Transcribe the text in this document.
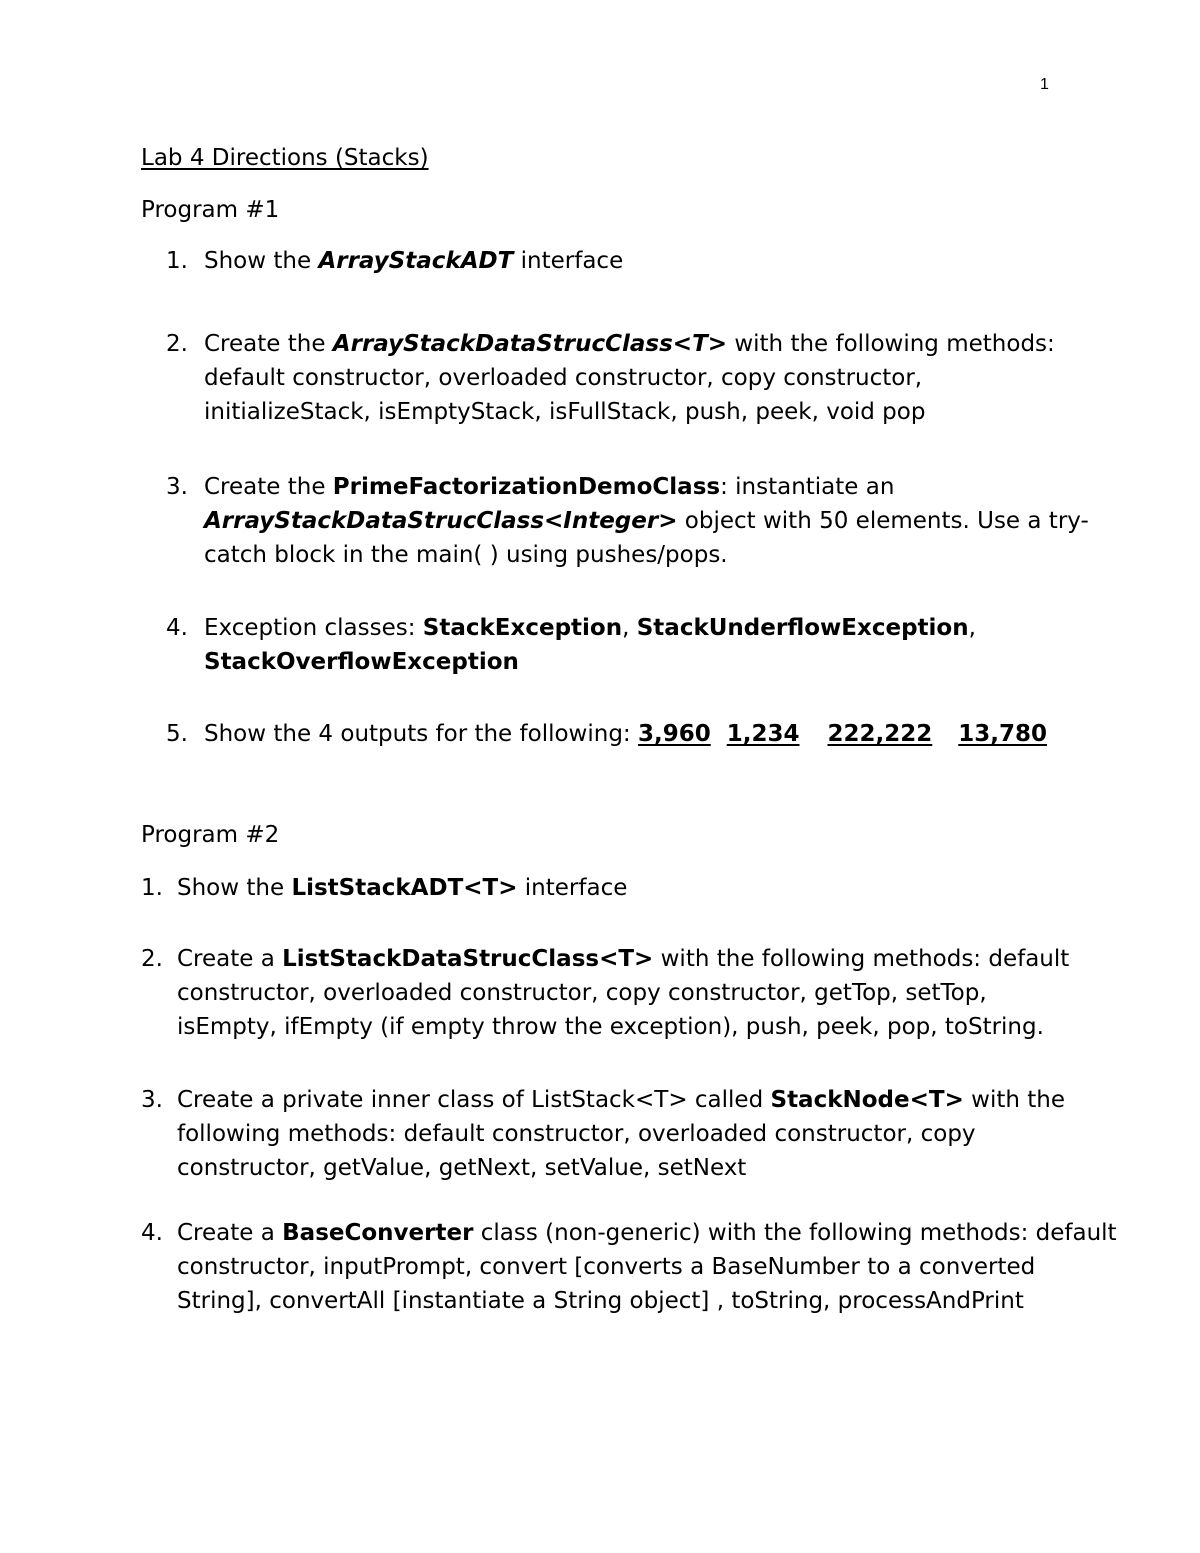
1
Lab 4 Directions (Stacks)
Program #1
1. Show the ArrayStackADT interface
2. Create the ArrayStackDataStrucClass<T> with the following methods:
default constructor, overloaded constructor, copy constructor,
initializeStack, isEmptyStack, isFullStack, push, peek, void pop
3. Create the PrimeFactorizationDemoClass: instantiate an
ArrayStackDataStrucClass<Integer> object with 50 elements. Use a try-
catch block in the main( ) using pushes/pops.
4. Exception classes: StackException, StackUnderflowException,
StackOverflowException
5. Show the 4 outputs for the following: 3,960 1,234 222,222 13,780
Program #2
1. Show the ListStackADT<T> interface
2. Create a ListStackDataStrucClass<T> with the following methods: default
constructor, overloaded constructor, copy constructor, getTop, setTop,
isEmpty, ifEmpty (if empty throw the exception), push, peek, pop, toString.
3. Create a private inner class of ListStack<T> called StackNode<T> with the
following methods: default constructor, overloaded constructor, copy
constructor, getValue, getNext, setValue, setNext
4. Create a BaseConverter class (non-generic) with the following methods: default
constructor, inputPrompt, convert [converts a BaseNumber to a converted
String], convertAll [instantiate a String object] , toString, processAndPrint
